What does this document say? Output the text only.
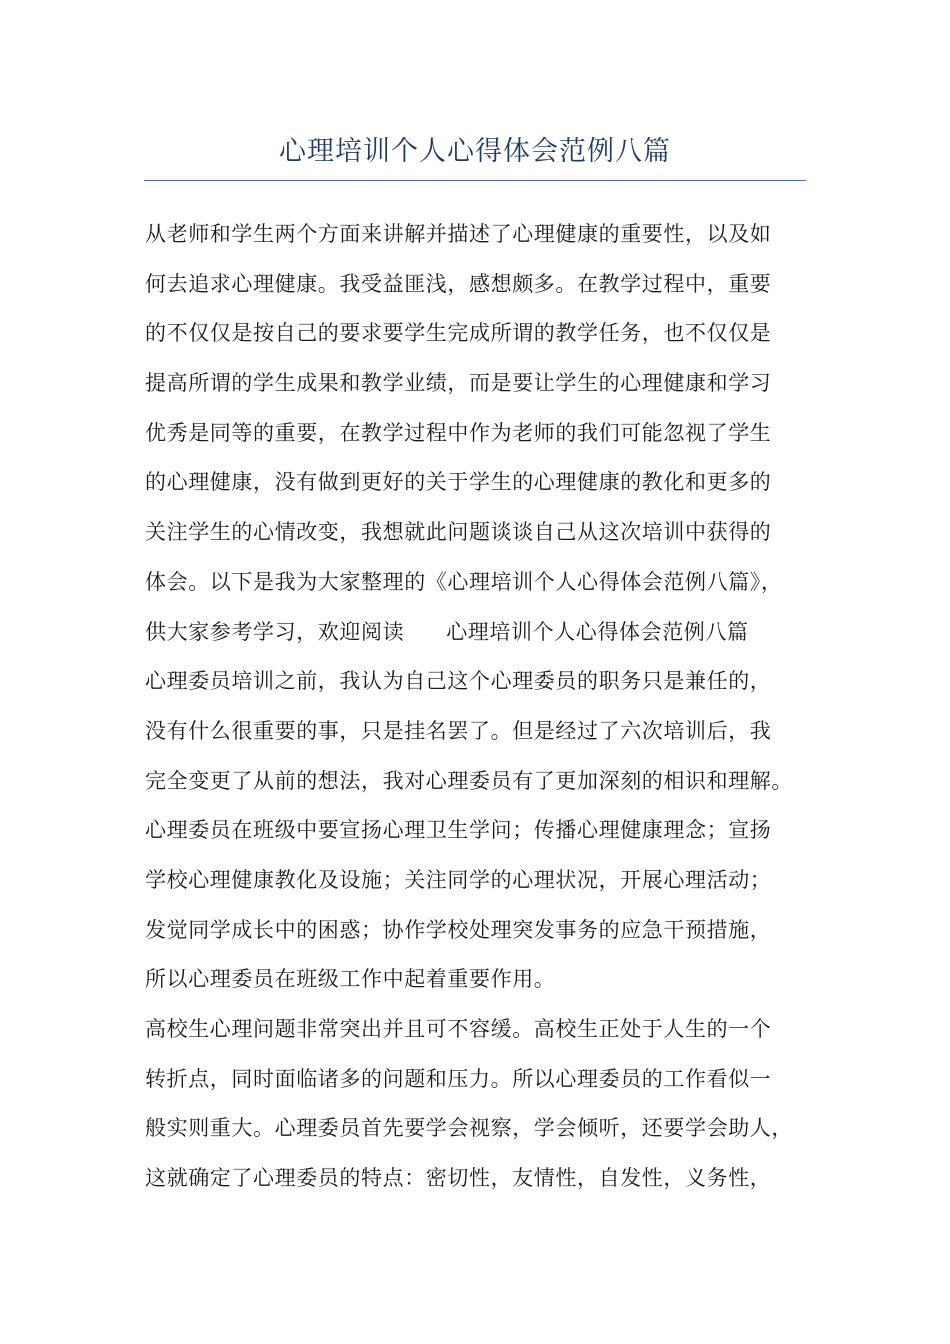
心理培训个人心得体会范例八篇
从老师和学生两个方面来讲解并描述了心理健康的重要性，以及如
何去追求心理健康。我受益匪浅，感想颇多。在教学过程中，重要
的不仅仅是按自己的要求要学生完成所谓的教学任务，也不仅仅是
提高所谓的学生成果和教学业绩，而是要让学生的心理健康和学习
优秀是同等的重要，在教学过程中作为老师的我们可能忽视了学生
的心理健康，没有做到更好的关于学生的心理健康的教化和更多的
关注学生的心情改变，我想就此问题谈谈自己从这次培训中获得的
体会。以下是我为大家整理的《心理培训个人心得体会范例八篇》，
供大家参考学习，欢迎阅读 心理培训个人心得体会范例八篇
心理委员培训之前，我认为自己这个心理委员的职务只是兼任的，
没有什么很重要的事，只是挂名罢了。但是经过了六次培训后，我
完全变更了从前的想法，我对心理委员有了更加深刻的相识和理解。
心理委员在班级中要宣扬心理卫生学问；传播心理健康理念；宣扬
学校心理健康教化及设施；关注同学的心理状况，开展心理活动；
发觉同学成长中的困惑；协作学校处理突发事务的应急干预措施，
所以心理委员在班级工作中起着重要作用。
高校生心理问题非常突出并且可不容缓。高校生正处于人生的一个
转折点，同时面临诸多的问题和压力。所以心理委员的工作看似一
般实则重大。心理委员首先要学会视察，学会倾听，还要学会助人，
这就确定了心理委员的特点：密切性，友情性，自发性，义务性，
